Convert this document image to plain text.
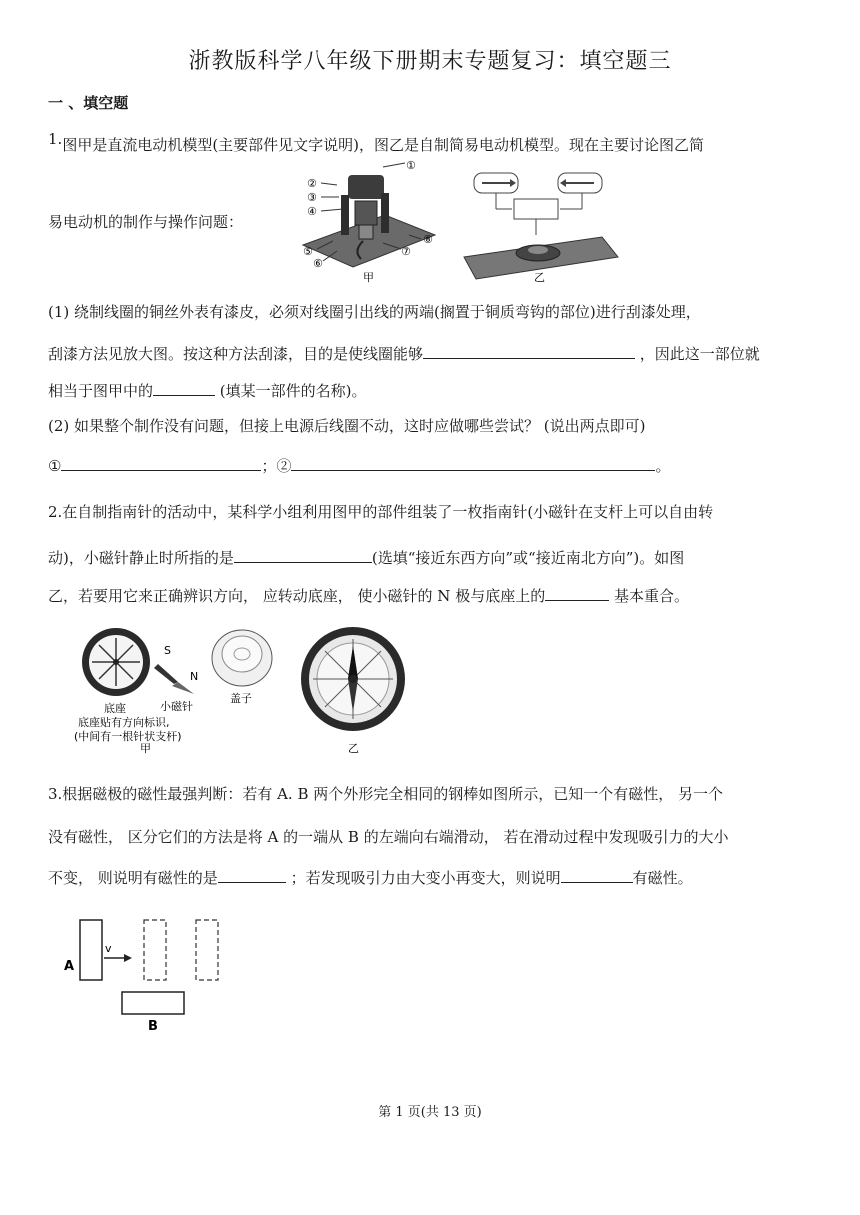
浙教版科学八年级下册期末专题复习：填空题三
一 、填空题
1.图甲是直流电动机模型(主要部件见文字说明)，图乙是自制简易电动机模型。现在主要讨论图乙简
易电动机的制作与操作问题：
①
②
③
④
⑤
⑥
⑦
⑧
甲	乙
(1) 绕制线圈的铜丝外表有漆皮，必须对线圈引出线的两端(搁置于铜质弯钩的部位)进行刮漆处理，
刮漆方法见放大图。按这种方法刮漆，目的是使线圈能够	，因此这一部位就
相当于图甲中的	(填某一部件的名称)。
(2) 如果整个制作没有问题，但接上电源后线圈不动，这时应做哪些尝试？ (说出两点即可)
①	；②	。
2.在自制指南针的活动中，某科学小组利用图甲的部件组装了一枚指南针(小磁针在支杆上可以自由转
动)，小磁针静止时所指的是	(选填“接近东西方向”或“接近南北方向”)。如图
乙，若要用它来正确辨识方向， 应转动底座， 使小磁针的 N 极与底座上的	基本重合。
S
N
小磁针
盖子
底座
底座贴有方向标识,
(中间有一根针状支杆)
甲	乙
3.根据磁极的磁性最强判断：若有 A. B 两个外形完全相同的钢棒如图所示，已知一个有磁性， 另一个
没有磁性， 区分它们的方法是将 A 的一端从 B 的左端向右端滑动， 若在滑动过程中发现吸引力的大小
不变， 则说明有磁性的是	；若发现吸引力由大变小再变大，则说明	有磁性。
v
A
B
第 1 页(共 13 页)
